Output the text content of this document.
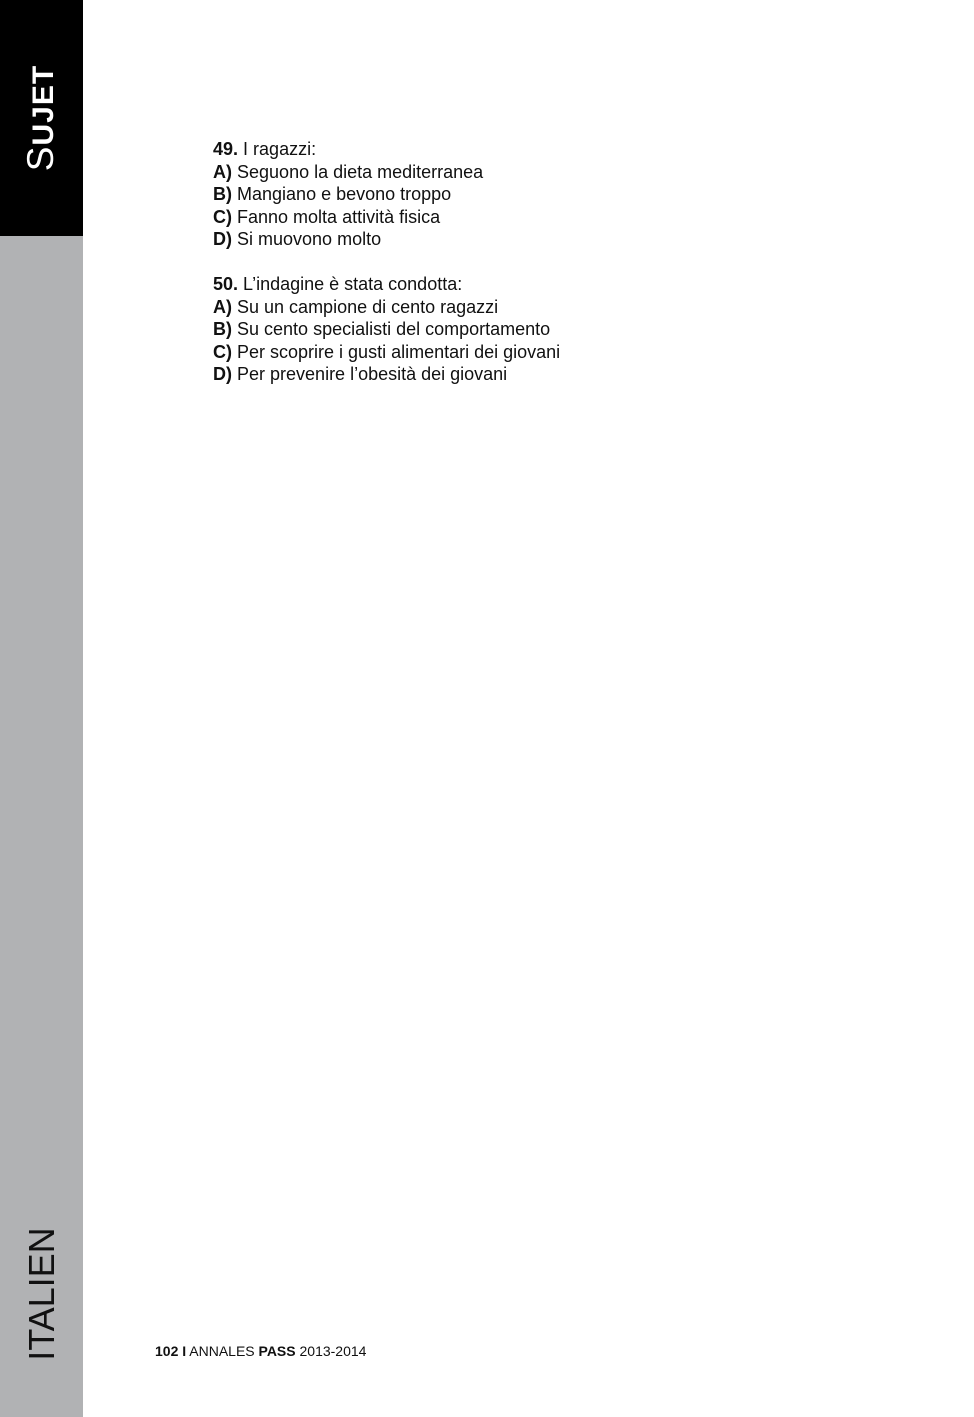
SUJET
ITALIEN
49. I ragazzi:
A) Seguono la dieta mediterranea
B) Mangiano e bevono troppo
C) Fanno molta attività fisica
D) Si muovono molto
50. L’indagine è stata condotta:
A) Su un campione di cento ragazzi
B) Su cento specialisti del comportamento
C) Per scoprire i gusti alimentari dei giovani
D) Per prevenire l’obesità dei giovani
102 I ANNALES PASS 2013-2014
